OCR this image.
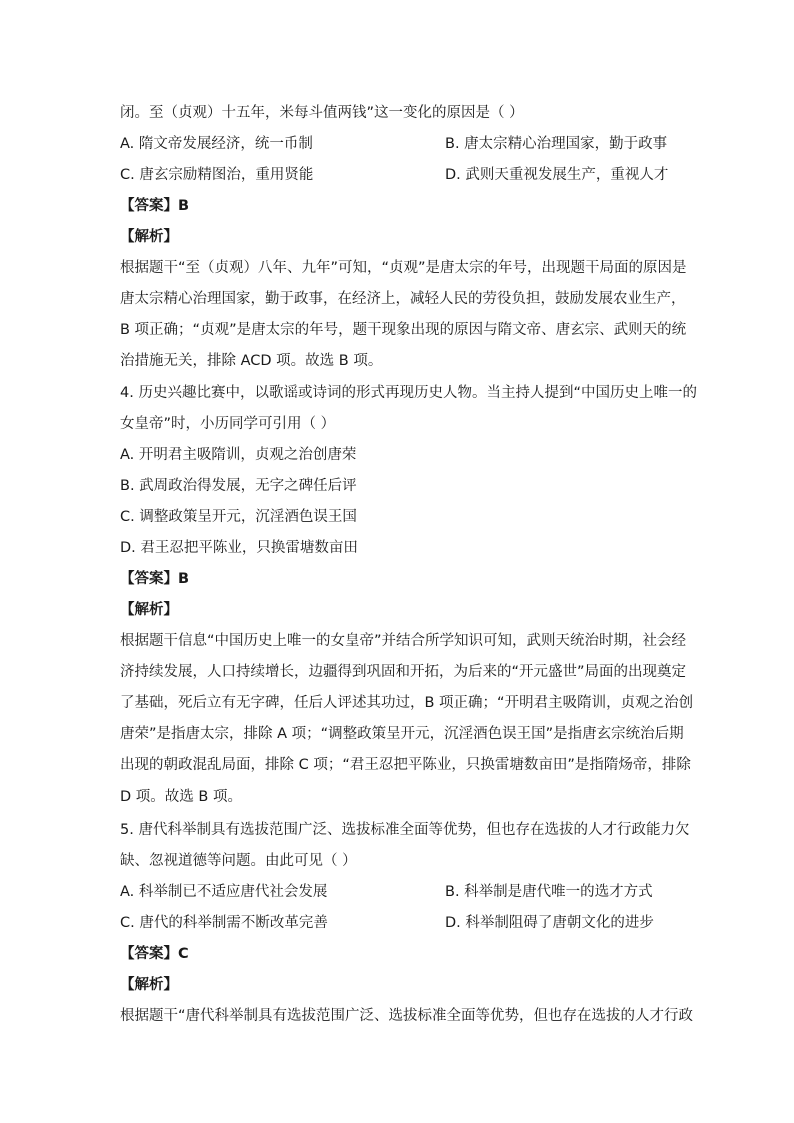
闭。至（贞观）十五年，米每斗值两钱”这一变化的原因是（ ）
A. 隋文帝发展经济，统一币制	B. 唐太宗精心治理国家，勤于政事
C. 唐玄宗励精图治，重用贤能	D. 武则天重视发展生产，重视人才
【答案】B
【解析】
根据题干“至（贞观）八年、九年”可知，“贞观”是唐太宗的年号，出现题干局面的原因是
唐太宗精心治理国家，勤于政事，在经济上，减轻人民的劳役负担，鼓励发展农业生产，
B 项正确；“贞观”是唐太宗的年号，题干现象出现的原因与隋文帝、唐玄宗、武则天的统
治措施无关，排除 ACD 项。故选 B 项。
4. 历史兴趣比赛中，以歌谣或诗词的形式再现历史人物。当主持人提到“中国历史上唯一的
女皇帝”时，小历同学可引用（ ）
A. 开明君主吸隋训，贞观之治创唐荣
B. 武周政治得发展，无字之碑任后评
C. 调整政策呈开元，沉淫酒色误王国
D. 君王忍把平陈业，只换雷塘数亩田
【答案】B
【解析】
根据题干信息“中国历史上唯一的女皇帝”并结合所学知识可知，武则天统治时期，社会经
济持续发展，人口持续增长，边疆得到巩固和开拓，为后来的“开元盛世”局面的出现奠定
了基础，死后立有无字碑，任后人评述其功过，B 项正确；“开明君主吸隋训，贞观之治创
唐荣”是指唐太宗，排除 A 项；“调整政策呈开元，沉淫酒色误王国”是指唐玄宗统治后期
出现的朝政混乱局面，排除 C 项；“君王忍把平陈业，只换雷塘数亩田”是指隋炀帝，排除
D 项。故选 B 项。
5. 唐代科举制具有选拔范围广泛、选拔标准全面等优势，但也存在选拔的人才行政能力欠
缺、忽视道德等问题。由此可见（ ）
A. 科举制已不适应唐代社会发展	B. 科举制是唐代唯一的选才方式
C. 唐代的科举制需不断改革完善	D. 科举制阻碍了唐朝文化的进步
【答案】C
【解析】
根据题干“唐代科举制具有选拔范围广泛、选拔标准全面等优势，但也存在选拔的人才行政
